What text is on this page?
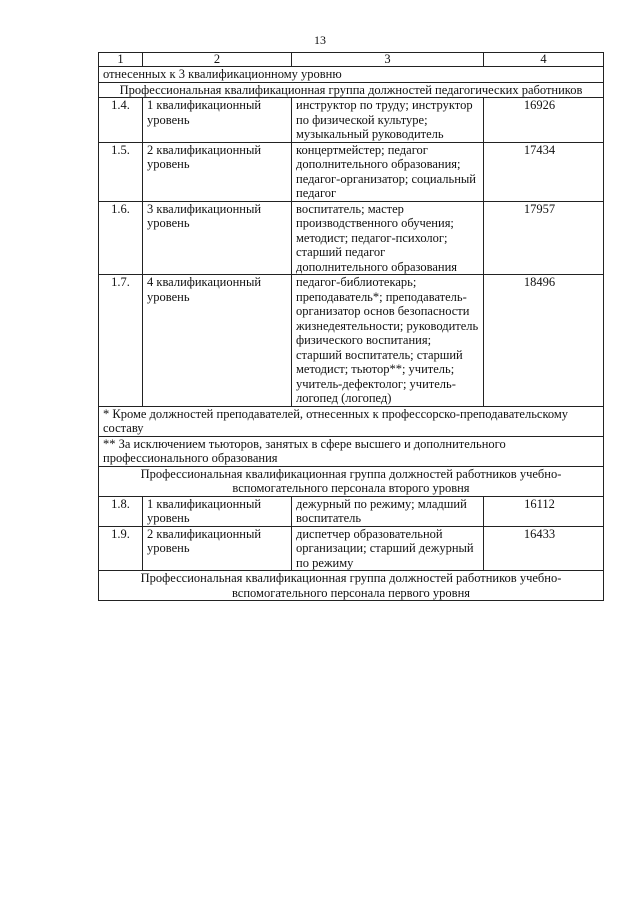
13
1	2	3	4
отнесенных к 3 квалификационному уровню			
Профессиональная квалификационная группа должностей педагогических работников			
1.4.	1 квалификационный уровень	инструктор по труду; инструктор по физической культуре; музыкальный руководитель	16926
1.5.	2 квалификационный уровень	концертмейстер; педагог дополнительного образования; педагог-организатор; социальный педагог	17434
1.6.	3 квалификационный уровень	воспитатель; мастер производственного обучения; методист; педагог-психолог; старший педагог дополнительного образования	17957
1.7.	4 квалификационный уровень	педагог-библиотекарь; преподаватель*; преподаватель-организатор основ безопасности жизнедеятельности; руководитель физического воспитания; старший воспитатель; старший методист; тьютор**; учитель; учитель-дефектолог; учитель-логопед (логопед)	18496
* Кроме должностей преподавателей, отнесенных к профессорско-преподавательскому составу			
** За исключением тьюторов, занятых в сфере высшего и дополнительного профессионального образования			
Профессиональная квалификационная группа должностей работников учебно-вспомогательного персонала второго уровня			
1.8.	1 квалификационный уровень	дежурный по режиму; младший воспитатель	16112
1.9.	2 квалификационный уровень	диспетчер образовательной организации; старший дежурный по режиму	16433
Профессиональная квалификационная группа должностей работников учебно-вспомогательного персонала первого уровня			
